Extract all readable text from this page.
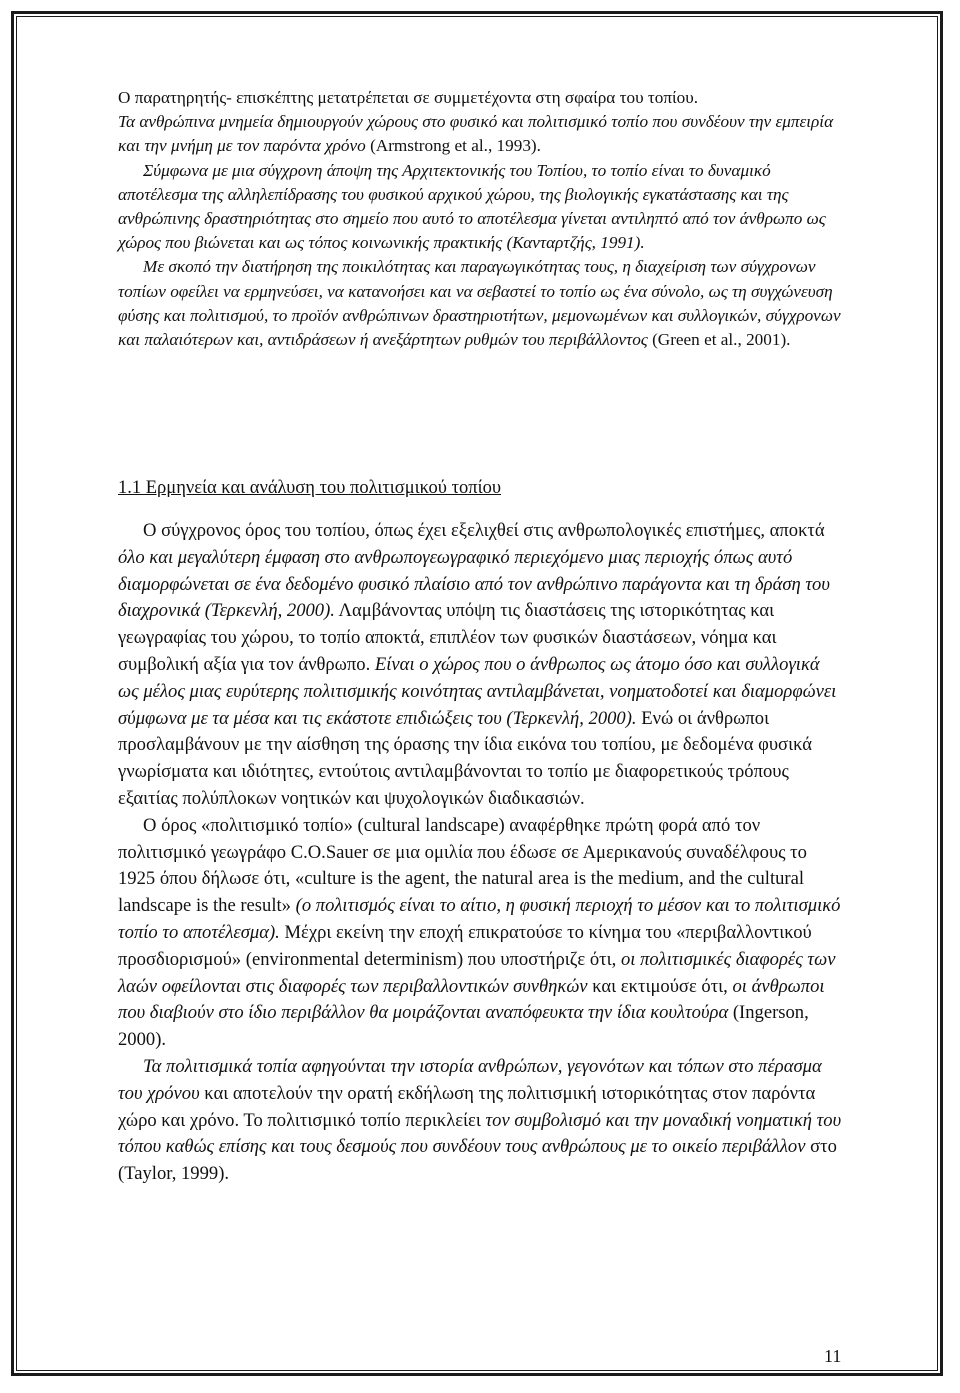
Ο παρατηρητής- επισκέπτης μετατρέπεται σε συμμετέχοντα στη σφαίρα του τοπίου.

Τα ανθρώπινα μνημεία δημιουργούν χώρους στο φυσικό και πολιτισμικό τοπίο που συνδέουν την εμπειρία και την μνήμη με τον παρόντα χρόνο (Armstrong et al., 1993).

Σύμφωνα με μια σύγχρονη άποψη της Αρχιτεκτονικής του Τοπίου, το τοπίο είναι το δυναμικό αποτέλεσμα της αλληλεπίδρασης του φυσικού αρχικού χώρου, της βιολογικής εγκατάστασης και της ανθρώπινης δραστηριότητας στο σημείο που αυτό το αποτέλεσμα γίνεται αντιληπτό από τον άνθρωπο ως χώρος που βιώνεται και ως τόπος κοινωνικής πρακτικής (Κανταρτζής, 1991).

Με σκοπό την διατήρηση της ποικιλότητας και παραγωγικότητας τους, η διαχείριση των σύγχρονων τοπίων οφείλει να ερμηνεύσει, να κατανοήσει και να σεβαστεί το τοπίο ως ένα σύνολο, ως τη συγχώνευση φύσης και πολιτισμού, το προϊόν ανθρώπινων δραστηριοτήτων, μεμονωμένων και συλλογικών, σύγχρονων και παλαιότερων και, αντιδράσεων ή ανεξάρτητων ρυθμών του περιβάλλοντος (Green et al., 2001).

1.1 Ερμηνεία και ανάλυση του πολιτισμικού τοπίου

Ο σύγχρονος όρος του τοπίου, όπως έχει εξελιχθεί στις ανθρωπολογικές επιστήμες, αποκτά όλο και μεγαλύτερη έμφαση στο ανθρωπογεωγραφικό περιεχόμενο μιας περιοχής όπως αυτό διαμορφώνεται σε ένα δεδομένο φυσικό πλαίσιο από τον ανθρώπινο παράγοντα και τη δράση του διαχρονικά (Τερκενλή, 2000). Λαμβάνοντας υπόψη τις διαστάσεις της ιστορικότητας και γεωγραφίας του χώρου, το τοπίο αποκτά, επιπλέον των φυσικών διαστάσεων, νόημα και συμβολική αξία για τον άνθρωπο. Είναι ο χώρος που ο άνθρωπος ως άτομο όσο και συλλογικά ως μέλος μιας ευρύτερης πολιτισμικής κοινότητας αντιλαμβάνεται, νοηματοδοτεί και διαμορφώνει σύμφωνα με τα μέσα και τις εκάστοτε επιδιώξεις του (Τερκενλή, 2000). Ενώ οι άνθρωποι προσλαμβάνουν με την αίσθηση της όρασης την ίδια εικόνα του τοπίου, με δεδομένα φυσικά γνωρίσματα και ιδιότητες, εντούτοις αντιλαμβάνονται το τοπίο με διαφορετικούς τρόπους εξαιτίας πολύπλοκων νοητικών και ψυχολογικών διαδικασιών.

Ο όρος «πολιτισμικό τοπίο» (cultural landscape) αναφέρθηκε πρώτη φορά από τον πολιτισμικό γεωγράφο C.O.Sauer σε μια ομιλία που έδωσε σε Αμερικανούς συναδέλφους το 1925 όπου δήλωσε ότι, «culture is the agent, the natural area is the medium, and the cultural landscape is the result» (ο πολιτισμός είναι το αίτιο, η φυσική περιοχή το μέσον και το πολιτισμικό τοπίο το αποτέλεσμα). Μέχρι εκείνη την εποχή επικρατούσε το κίνημα του «περιβαλλοντικού προσδιορισμού» (environmental determinism) που υποστήριζε ότι, οι πολιτισμικές διαφορές των λαών οφείλονται στις διαφορές των περιβαλλοντικών συνθηκών και εκτιμούσε ότι, οι άνθρωποι που διαβιούν στο ίδιο περιβάλλον θα μοιράζονται αναπόφευκτα την ίδια κουλτούρα (Ingerson, 2000).

Τα πολιτισμικά τοπία αφηγούνται την ιστορία ανθρώπων, γεγονότων και τόπων στο πέρασμα του χρόνου και αποτελούν την ορατή εκδήλωση της πολιτισμική ιστορικότητας στον παρόντα χώρο και χρόνο. Το πολιτισμικό τοπίο περικλείει τον συμβολισμό και την μοναδική νοηματική του τόπου καθώς επίσης και τους δεσμούς που συνδέουν τους ανθρώπους με το οικείο περιβάλλον στο (Taylor, 1999).

11
